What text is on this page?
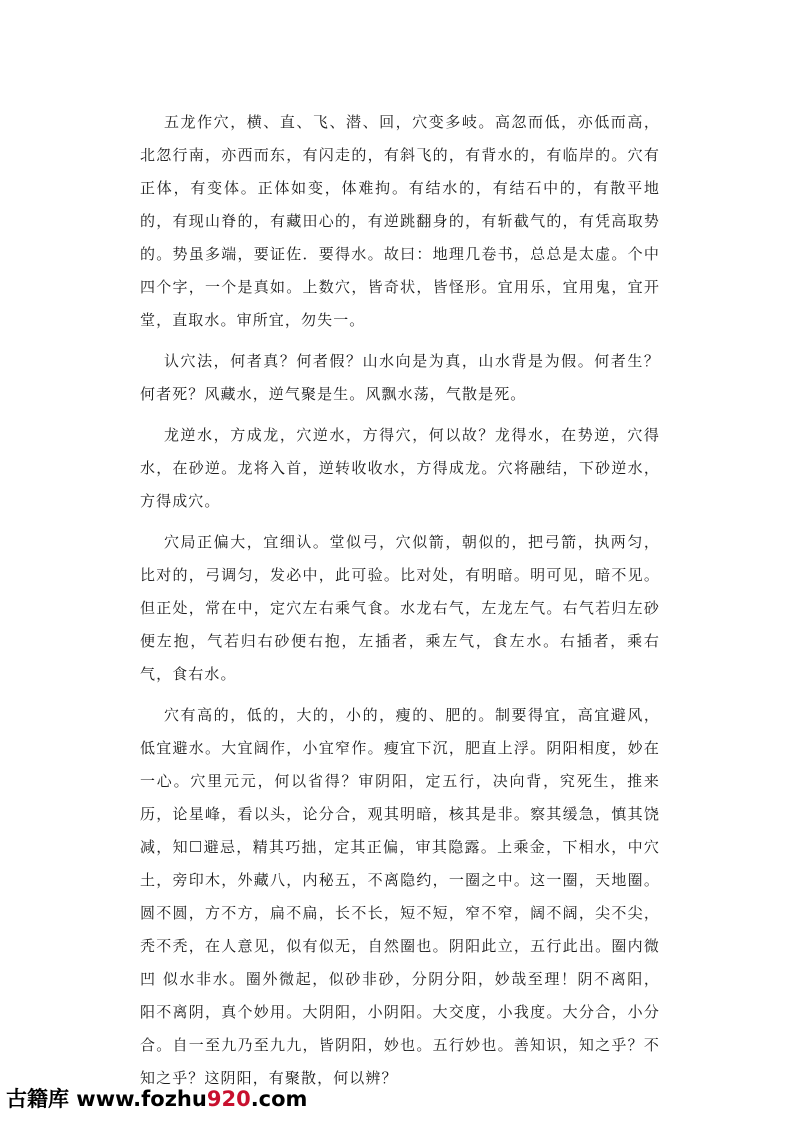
五龙作穴，横、直、飞、潜、回，穴变多岐。高忽而低，亦低而高，北忽行南，亦西而东，有闪走的，有斜飞的，有背水的，有临岸的。穴有正体，有变体。正体如变，体难拘。有结水的，有结石中的，有散平地的，有现山脊的，有藏田心的，有逆跳翻身的，有斩截气的，有凭高取势的。势虽多端，要证佐．要得水。故曰：地理几卷书，总总是太虚。个中四个字，一个是真如。上数穴，皆奇状，皆怪形。宜用乐，宜用鬼，宜开堂，直取水。审所宜，勿失一。

认穴法，何者真？何者假？山水向是为真，山水背是为假。何者生？何者死？风藏水，逆气聚是生。风飘水荡，气散是死。

龙逆水，方成龙，穴逆水，方得穴，何以故？龙得水，在势逆，穴得水，在砂逆。龙将入首，逆转收收水，方得成龙。穴将融结，下砂逆水，方得成穴。

穴局正偏大，宜细认。堂似弓，穴似箭，朝似的，把弓箭，执两匀，比对的，弓调匀，发必中，此可验。比对处，有明暗。明可见，暗不见。但正处，常在中，定穴左右乘气食。水龙右气，左龙左气。右气若归左砂便左抱，气若归右砂便右抱，左插者，乘左气，食左水。右插者，乘右气，食右水。

穴有高的，低的，大的，小的，瘦的、肥的。制要得宜，高宜避风，低宜避水。大宜阔作，小宜窄作。瘦宜下沉，肥直上浮。阴阳相度，妙在一心。穴里元元，何以省得？审阴阳，定五行，决向背，究死生，推来历，论星峰，看以头，论分合，观其明暗，核其是非。察其缓急，慎其饶减，知☐避忌，精其巧拙，定其正偏，审其隐露。上乘金，下相水，中穴土，旁印木，外藏八，内秘五，不离隐约，一圈之中。这一圈，天地圈。圆不圆，方不方，扁不扁，长不长，短不短，窄不窄，阔不阔，尖不尖，秃不秃，在人意见，似有似无，自然圈也。阴阳此立，五行此出。圈内微凹 似水非水。圈外微起，似砂非砂，分阴分阳，妙哉至理！阴不离阳，阳不离阴，真个妙用。大阴阳，小阴阳。大交度，小我度。大分合，小分合。自一至九乃至九九，皆阴阳，妙也。五行妙也。善知识，知之乎？不知之乎？这阴阳，有聚散，何以辨？

古籍库 www.fozhu920.com
